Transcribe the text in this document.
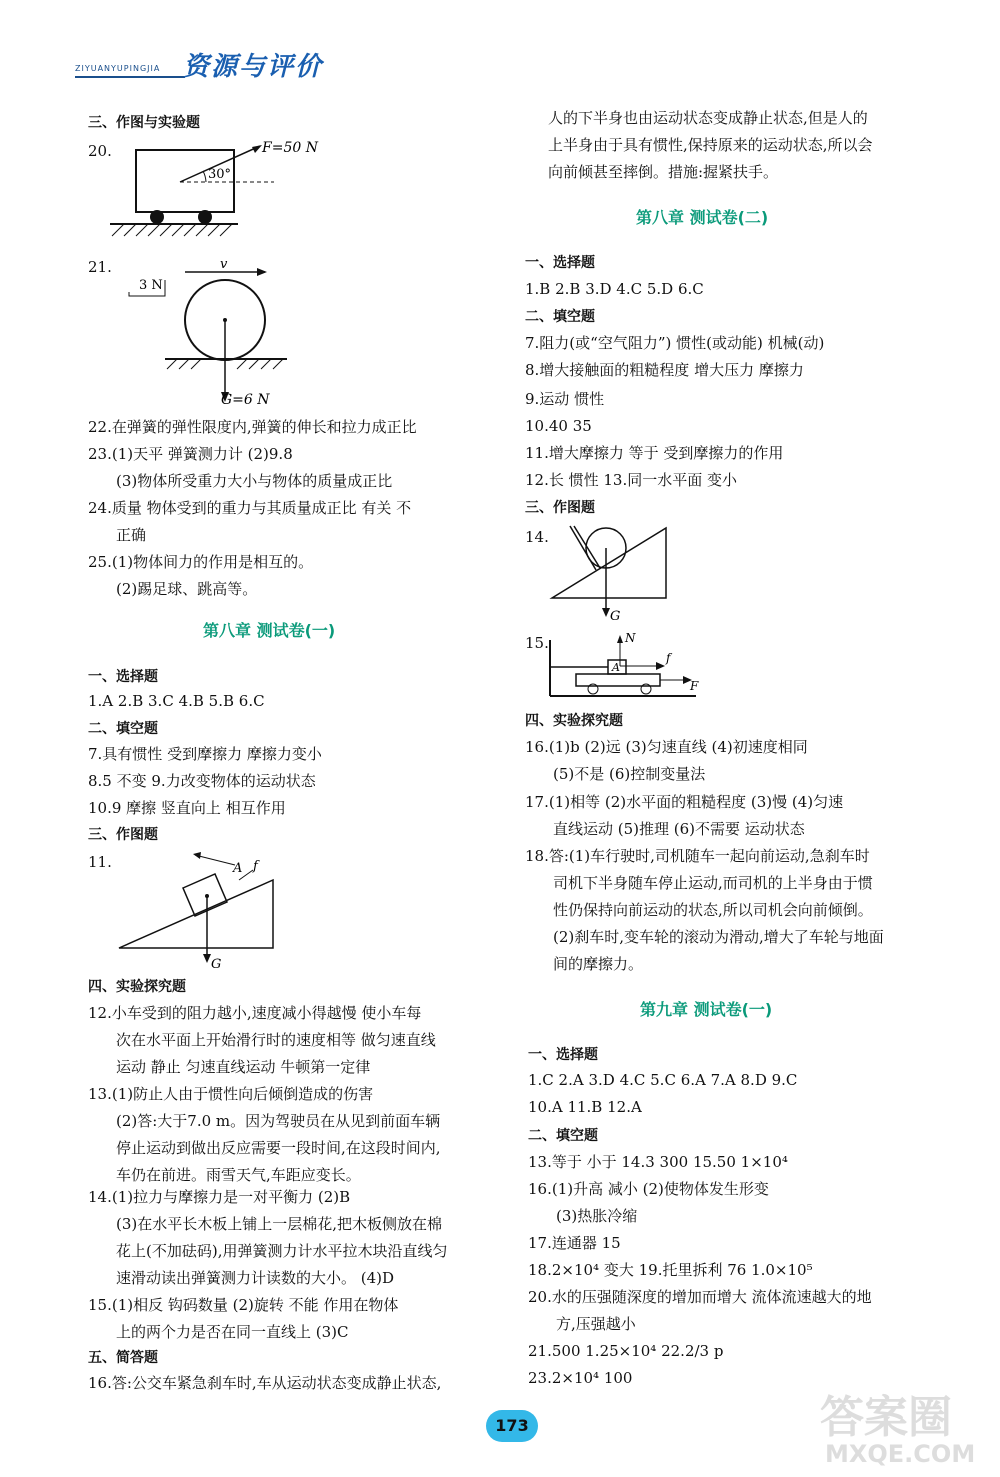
ZIYUANYUPINGJIA 资源与评价
三、作图与实验题
20.
21.
22.在弹簧的弹性限度内,弹簧的伸长和拉力成正比
23.(1)天平 弹簧测力计 (2)9.8
(3)物体所受重力大小与物体的质量成正比
24.质量 物体受到的重力与其质量成正比 有关 不
正确
25.(1)物体间力的作用是相互的。
(2)踢足球、跳高等。
一、选择题
1.A 2.B 3.C 4.B 5.B 6.C
二、填空题
7.具有惯性 受到摩擦力 摩擦力变小
8.5 不变 9.力改变物体的运动状态
10.9 摩擦 竖直向上 相互作用
三、作图题
11.
四、实验探究题
12.小车受到的阻力越小,速度减小得越慢 使小车每
次在水平面上开始滑行时的速度相等 做匀速直线
运动 静止 匀速直线运动 牛顿第一定律
13.(1)防止人由于惯性向后倾倒造成的伤害
(2)答:大于7.0 m。因为驾驶员在从见到前面车辆
停止运动到做出反应需要一段时间,在这段时间内,
车仍在前进。雨雪天气,车距应变长。
14.(1)拉力与摩擦力是一对平衡力 (2)B
(3)在水平长木板上铺上一层棉花,把木板侧放在棉
花上(不加砝码),用弹簧测力计水平拉木块沿直线匀
速滑动读出弹簧测力计读数的大小。 (4)D
15.(1)相反 钩码数量 (2)旋转 不能 作用在物体
上的两个力是否在同一直线上 (3)C
五、简答题
16.答:公交车紧急刹车时,车从运动状态变成静止状态,
人的下半身也由运动状态变成静止状态,但是人的
上半身由于具有惯性,保持原来的运动状态,所以会
向前倾甚至摔倒。措施:握紧扶手。
一、选择题
1.B 2.B 3.D 4.C 5.D 6.C
二、填空题
7.阻力(或“空气阻力”) 惯性(或动能) 机械(动)
8.增大接触面的粗糙程度 增大压力 摩擦力
9.运动 惯性
10.40 35
11.增大摩擦力 等于 受到摩擦力的作用
12.长 惯性 13.同一水平面 变小
三、作图题
14.
15.
四、实验探究题
16.(1)b (2)远 (3)匀速直线 (4)初速度相同
(5)不是 (6)控制变量法
17.(1)相等 (2)水平面的粗糙程度 (3)慢 (4)匀速
直线运动 (5)推理 (6)不需要 运动状态
18.答:(1)车行驶时,司机随车一起向前运动,急刹车时
司机下半身随车停止运动,而司机的上半身由于惯
性仍保持向前运动的状态,所以司机会向前倾倒。
(2)刹车时,变车轮的滚动为滑动,增大了车轮与地面
间的摩擦力。
一、选择题
1.C 2.A 3.D 4.C 5.C 6.A 7.A 8.D 9.C
10.A 11.B 12.A
二、填空题
13.等于 小于 14.3 300 15.50 1×10⁴
16.(1)升高 减小 (2)使物体发生形变
(3)热胀冷缩
17.连通器 15
18.2×10⁴ 变大 19.托里拆利 76 1.0×10⁵
20.水的压强随深度的增加而增大 流体流速越大的地
方,压强越小
21.500 1.25×10⁴ 22.2/3 p
23.2×10⁴ 100
第八章 测试卷(一)
第八章 测试卷(二)
第九章 测试卷(一)
30°
F=50 N
v
3 N
G=6 N
A f
G
G
N
A
f
F
173	答案圈
MXQE.COM
